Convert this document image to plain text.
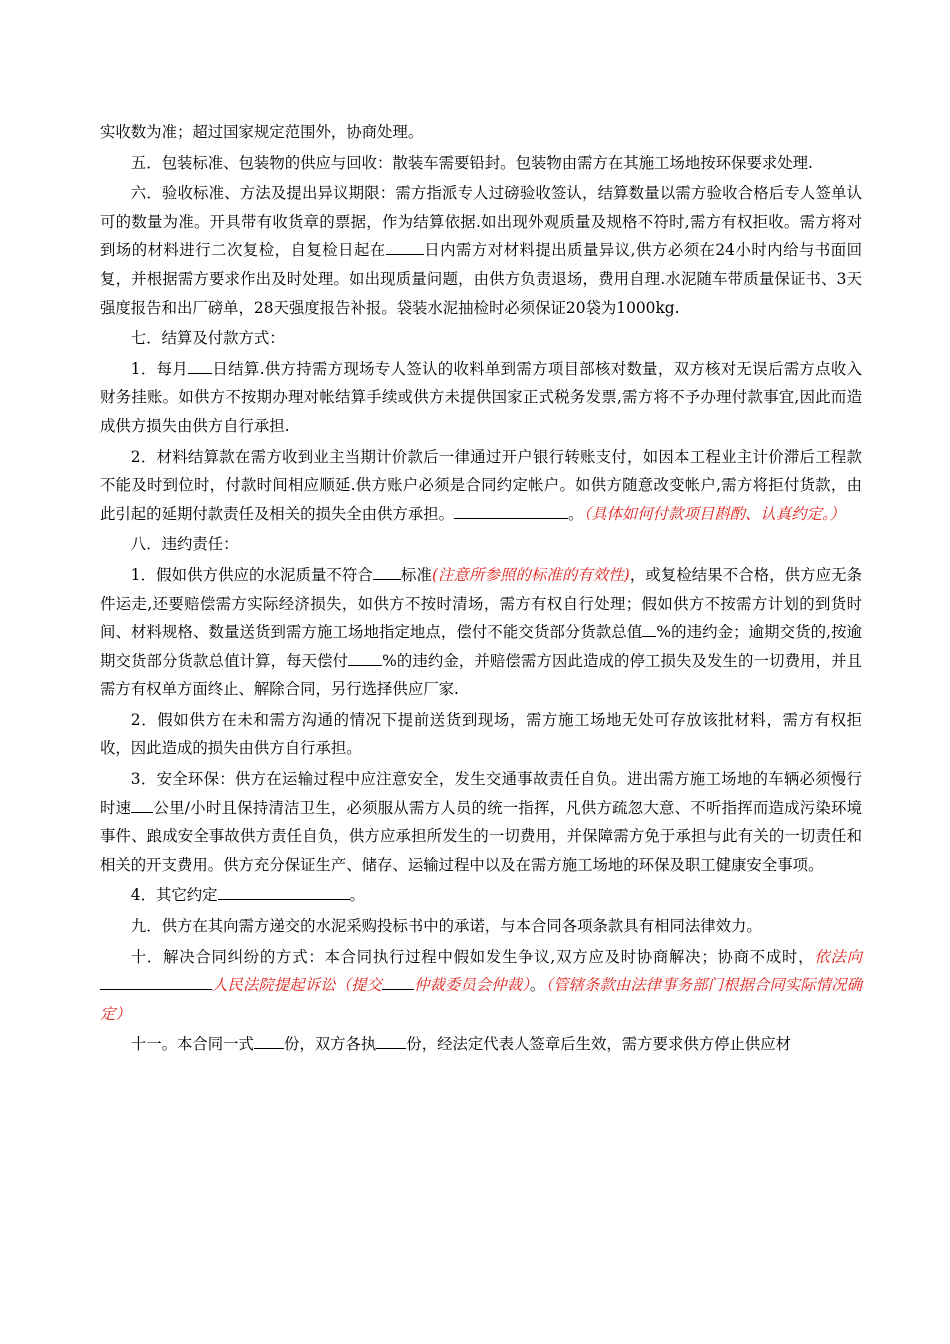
实收数为准；超过国家规定范围外，协商处理。

五．包装标准、包装物的供应与回收：散装车需要铅封。包装物由需方在其施工场地按环保要求处理.

六．验收标准、方法及提出异议期限：需方指派专人过磅验收签认，结算数量以需方验收合格后专人签单认可的数量为准。开具带有收货章的票据，作为结算依据.如出现外观质量及规格不符时,需方有权拒收。需方将对到场的材料进行二次复检，自复检日起在 日内需方对材料提出质量异议,供方必须在24小时内给与书面回复，并根据需方要求作出及时处理。如出现质量问题，由供方负责退场，费用自理.水泥随车带质量保证书、3天强度报告和出厂磅单，28天强度报告补报。袋装水泥抽检时必须保证20袋为1000kg.

七．结算及付款方式：

1．每月 日结算.供方持需方现场专人签认的收料单到需方项目部核对数量，双方核对无误后需方点收入财务挂账。如供方不按期办理对帐结算手续或供方未提供国家正式税务发票,需方将不予办理付款事宜,因此而造成供方损失由供方自行承担.

2．材料结算款在需方收到业主当期计价款后一律通过开户银行转账支付，如因本工程业主计价滞后工程款不能及时到位时，付款时间相应顺延.供方账户必须是合同约定帐户。如供方随意改变帐户,需方将拒付货款，由此引起的延期付款责任及相关的损失全由供方承担。	。（具体如何付款项目斟酌、认真约定。）

八．违约责任：

1．假如供方供应的水泥质量不符合 标准(注意所参照的标准的有效性)，或复检结果不合格，供方应无条件运走,还要赔偿需方实际经济损失，如供方不按时清场，需方有权自行处理；假如供方不按需方计划的到货时间、材料规格、数量送货到需方施工场地指定地点，偿付不能交货部分货款总值 %的违约金；逾期交货的,按逾期交货部分货款总值计算，每天偿付 %的违约金，并赔偿需方因此造成的停工损失及发生的一切费用，并且需方有权单方面终止、解除合同，另行选择供应厂家.

2．假如供方在未和需方沟通的情况下提前送货到现场，需方施工场地无处可存放该批材料，需方有权拒收，因此造成的损失由供方自行承担。

3．安全环保：供方在运输过程中应注意安全，发生交通事故责任自负。进出需方施工场地的车辆必须慢行时速 公里/小时且保持清洁卫生，必须服从需方人员的统一指挥，凡供方疏忽大意、不听指挥而造成污染环境事件、踉成安全事故供方责任自负，供方应承担所发生的一切费用，并保障需方免于承担与此有关的一切责任和相关的开支费用。供方充分保证生产、储存、运输过程中以及在需方施工场地的环保及职工健康安全事项。

4．其它约定	。

九．供方在其向需方递交的水泥采购投标书中的承诺，与本合同各项条款具有相同法律效力。

十．解决合同纠纷的方式：本合同执行过程中假如发生争议,双方应及时协商解决；协商不成时，依法向人民法院提起诉讼（提交 仲裁委员会仲裁）。（管辖条款由法律事务部门根据合同实际情况确定）

十一。本合同一式 份，双方各执 份，经法定代表人签章后生效，需方要求供方停止供应材
